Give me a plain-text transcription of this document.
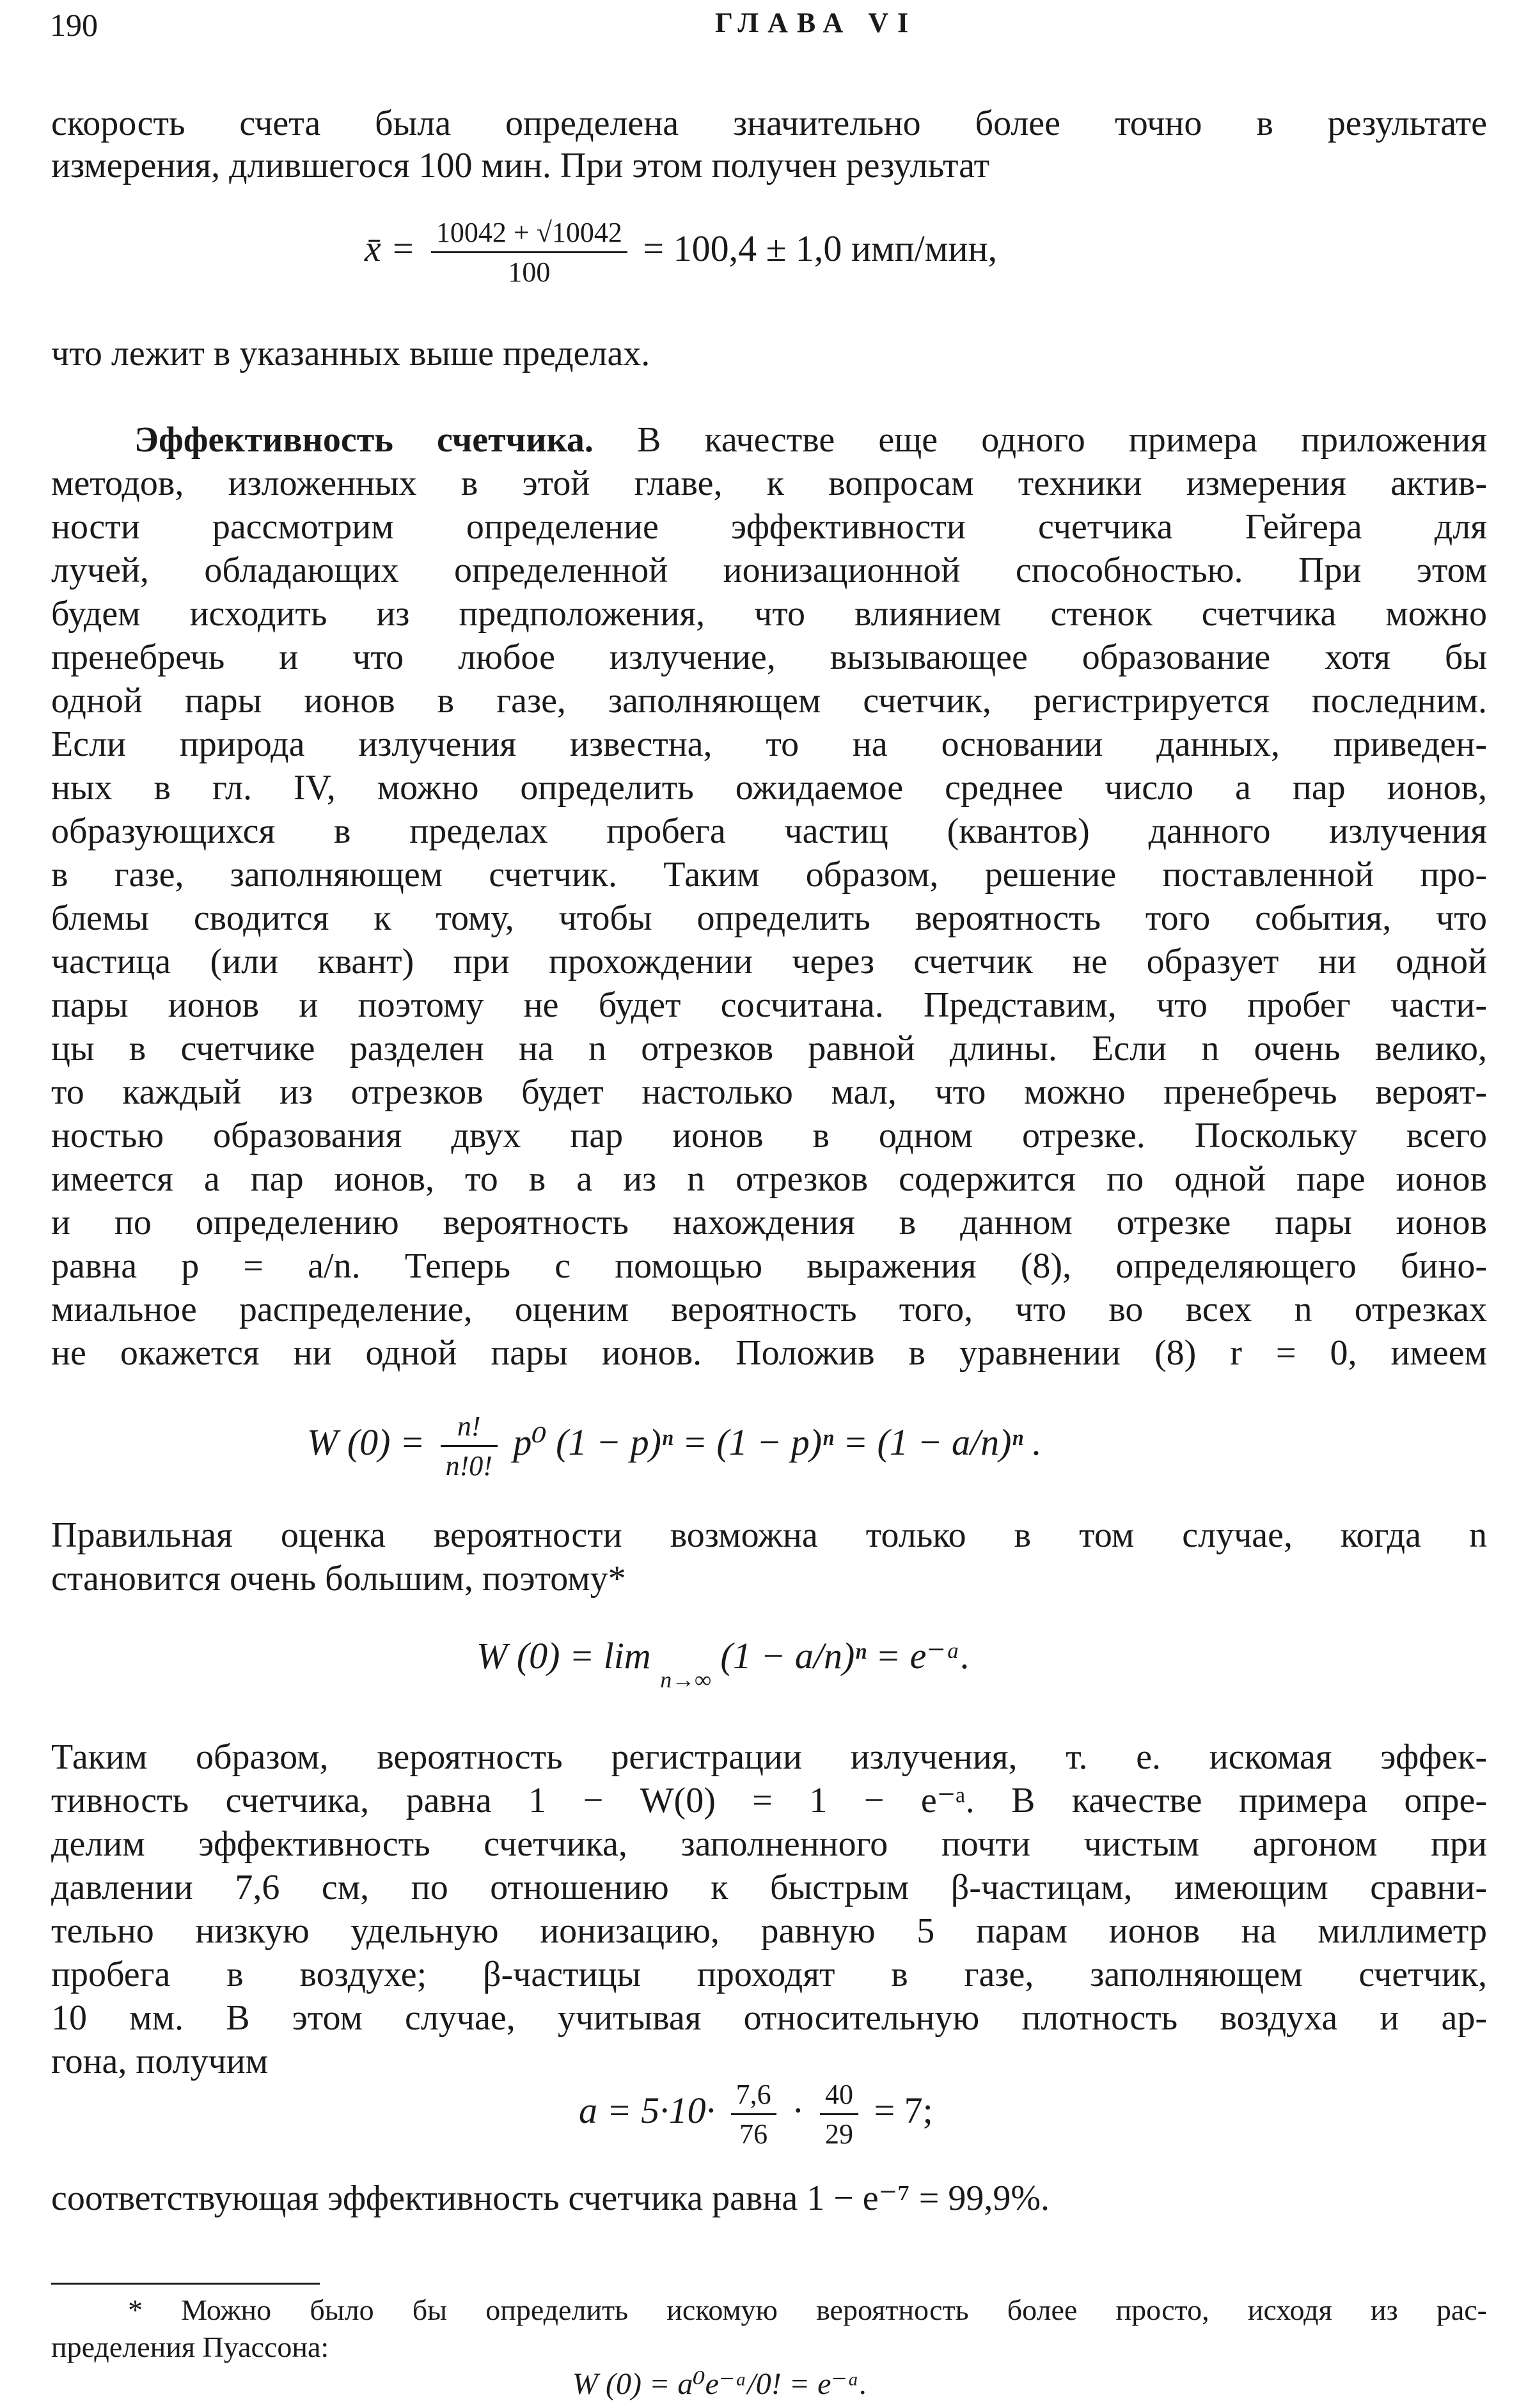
190	ГЛАВА VI
скорость счета была определена значительно более точно в результате
измерения, длившегося 100 мин. При этом получен результат
x̄ = $\frac{10042 + √10042}{100} = 100,4 \pm 1,0$ имп/мин,
что лежит в указанных выше пределах.
Эффективность счетчика. В качестве еще одного примера приложения
методов, изложенных в этой главе, к вопросам техники измерения актив-
ности рассмотрим определение эффективности счетчика Гейгера для
лучей, обладающих определенной ионизационной способностью. При этом
будем исходить из предположения, что влиянием стенок счетчика можно
пренебречь и что любое излучение, вызывающее образование хотя бы
одной пары ионов в газе, заполняющем счетчик, регистрируется последним.
Если природа излучения известна, то на основании данных, приведен-
ных в гл. IV, можно определить ожидаемое среднее число a пар ионов,
образующихся в пределах пробега частиц (квантов) данного излучения
в газе, заполняющем счетчик. Таким образом, решение поставленной про-
блемы сводится к тому, чтобы определить вероятность того события, что
частица (или квант) при прохождении через счетчик не образует ни одной
пары ионов и поэтому не будет сосчитана. Представим, что пробег части-
цы в счетчике разделен на n отрезков равной длины. Если n очень велико,
то каждый из отрезков будет настолько мал, что можно пренебречь вероят-
ностью образования двух пар ионов в одном отрезке. Поскольку всего
имеется a пар ионов, то в a из n отрезков содержится по одной паре ионов
и по определению вероятность нахождения в данном отрезке пары ионов
равна p = a/n. Теперь с помощью выражения (8), определяющего бино-
миальное распределение, оценим вероятность того, что во всех n отрезках
не окажется ни одной пары ионов. Положив в уравнении (8) r = 0, имеем
W $(0) = \frac{n!}{n!0!} p^0$ (1 − p)ⁿ = (1 − p)ⁿ = (1 − a/n)ⁿ .
Правильная оценка вероятности возможна только в том случае, когда n
становится очень большим, поэтому*
W (0) = lim $_{n\to\infty}$ (1 − a/n)ⁿ = e⁻ᵃ.
Таким образом, вероятность регистрации излучения, т. е. искомая эффек-
тивность счетчика, равна 1 − W(0) = 1 − e⁻ᵃ. В качестве примера опре-
делим эффективность счетчика, заполненного почти чистым аргоном при
давлении 7,6 см, по отношению к быстрым β-частицам, имеющим сравни-
тельно низкую удельную ионизацию, равную 5 парам ионов на миллиметр
пробега в воздухе; β-частицы проходят в газе, заполняющем счетчик,
10 мм. В этом случае, учитывая относительную плотность воздуха и ар-
гона, получим
$a = 5\cdot 10\cdot \frac{7,6}{76} \cdot \frac{40}{29} = 7$;
соответствующая эффективность счетчика равна 1 − e⁻⁷ = 99,9%.
* Можно было бы определить искомую вероятность более просто, исходя из рас-
пределения Пуассона:
W (0) = a⁰e⁻ᵃ/0! = e⁻ᵃ.
